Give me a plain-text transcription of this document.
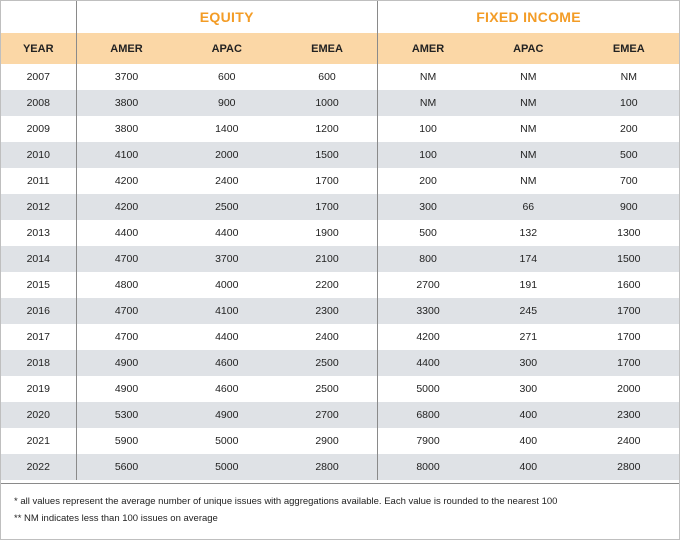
	EQUITY			FIXED INCOME		
YEAR	AMER	APAC	EMEA	AMER	APAC	EMEA
2007	3700	600	600	NM	NM	NM
2008	3800	900	1000	NM	NM	100
2009	3800	1400	1200	100	NM	200
2010	4100	2000	1500	100	NM	500
2011	4200	2400	1700	200	NM	700
2012	4200	2500	1700	300	66	900
2013	4400	4400	1900	500	132	1300
2014	4700	3700	2100	800	174	1500
2015	4800	4000	2200	2700	191	1600
2016	4700	4100	2300	3300	245	1700
2017	4700	4400	2400	4200	271	1700
2018	4900	4600	2500	4400	300	1700
2019	4900	4600	2500	5000	300	2000
2020	5300	4900	2700	6800	400	2300
2021	5900	5000	2900	7900	400	2400
2022	5600	5000	2800	8000	400	2800
* all values represent the average number of unique issues with aggregations available. Each value is rounded to the nearest 100
** NM indicates less than 100 issues on average
